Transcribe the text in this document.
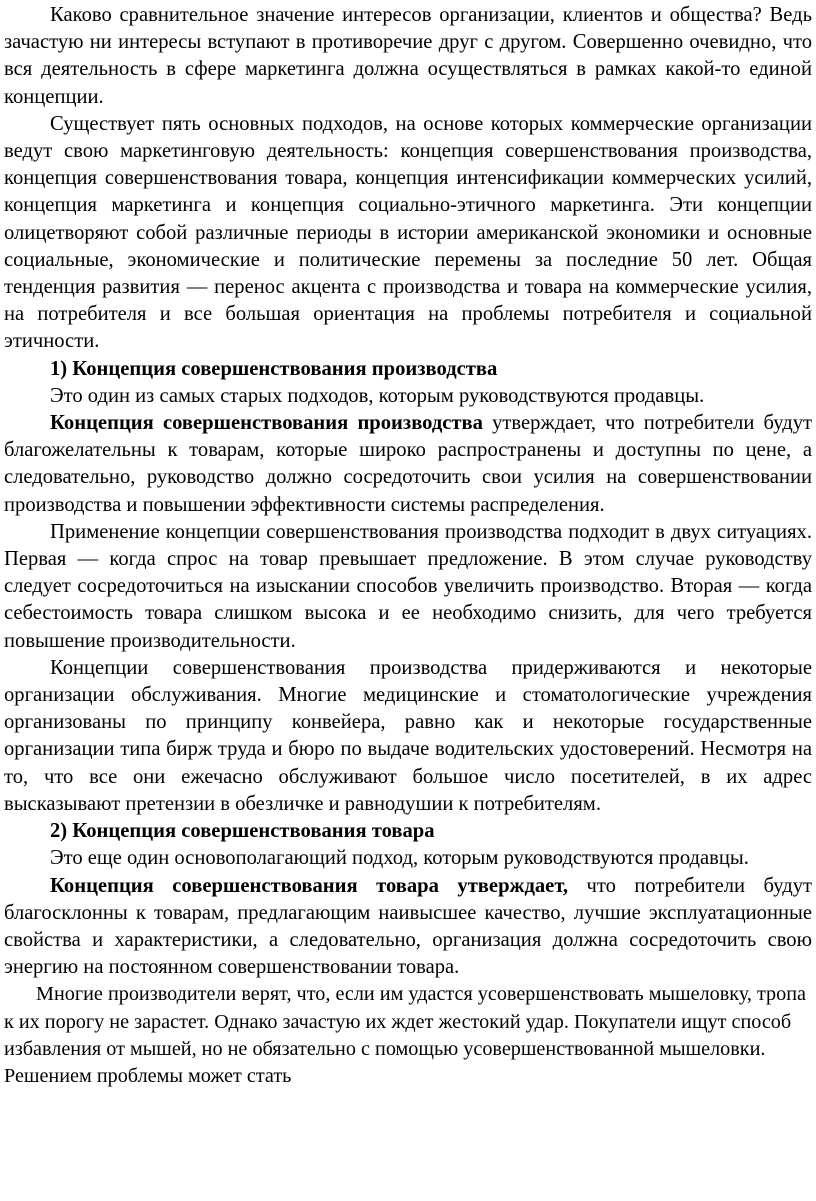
Каково сравнительное значение интересов организации, клиентов и общества? Ведь зачастую ни интересы вступают в противоречие друг с другом. Совершенно очевидно, что вся деятельность в сфере маркетинга должна осуществляться в рамках какой-то единой концепции.

Существует пять основных подходов, на основе которых коммерческие организации ведут свою маркетинговую деятельность: концепция совершенствования производства, концепция совершенствования товара, концепция интенсификации коммерческих усилий, концепция маркетинга и концепция социально-этичного маркетинга. Эти концепции олицетворяют собой различные периоды в истории американской экономики и основные социальные, экономические и политические перемены за последние 50 лет. Общая тенденция развития — перенос акцента с производства и товара на коммерческие усилия, на потребителя и все большая ориентация на проблемы потребителя и социальной этичности.

1) Концепция совершенствования производства

Это один из самых старых подходов, которым руководствуются продавцы.

Концепция совершенствования производства утверждает, что потребители будут благожелательны к товарам, которые широко распространены и доступны по цене, а следовательно, руководство должно сосредоточить свои усилия на совершенствовании производства и повышении эффективности системы распределения.

Применение концепции совершенствования производства подходит в двух ситуациях. Первая — когда спрос на товар превышает предложение. В этом случае руководству следует сосредоточиться на изыскании способов увеличить производство. Вторая — когда себестоимость товара слишком высока и ее необходимо снизить, для чего требуется повышение производительности.

Концепции совершенствования производства придерживаются и некоторые организации обслуживания. Многие медицинские и стоматологические учреждения организованы по принципу конвейера, равно как и некоторые государственные организации типа бирж труда и бюро по выдаче водительских удостоверений. Несмотря на то, что все они ежечасно обслуживают большое число посетителей, в их адрес высказывают претензии в обезличке и равнодушии к потребителям.

2) Концепция совершенствования товара

Это еще один основополагающий подход, которым руководствуются продавцы.

Концепция совершенствования товара утверждает, что потребители будут благосклонны к товарам, предлагающим наивысшее качество, лучшие эксплуатационные свойства и характеристики, а следовательно, организация должна сосредоточить свою энергию на постоянном совершенствовании товара.

Многие производители верят, что, если им удастся усовершенствовать мышеловку, тропа к их порогу не зарастет. Однако зачастую их ждет жестокий удар. Покупатели ищут способ избавления от мышей, но не обязательно с помощью усовершенствованной мышеловки. Решением проблемы может стать
